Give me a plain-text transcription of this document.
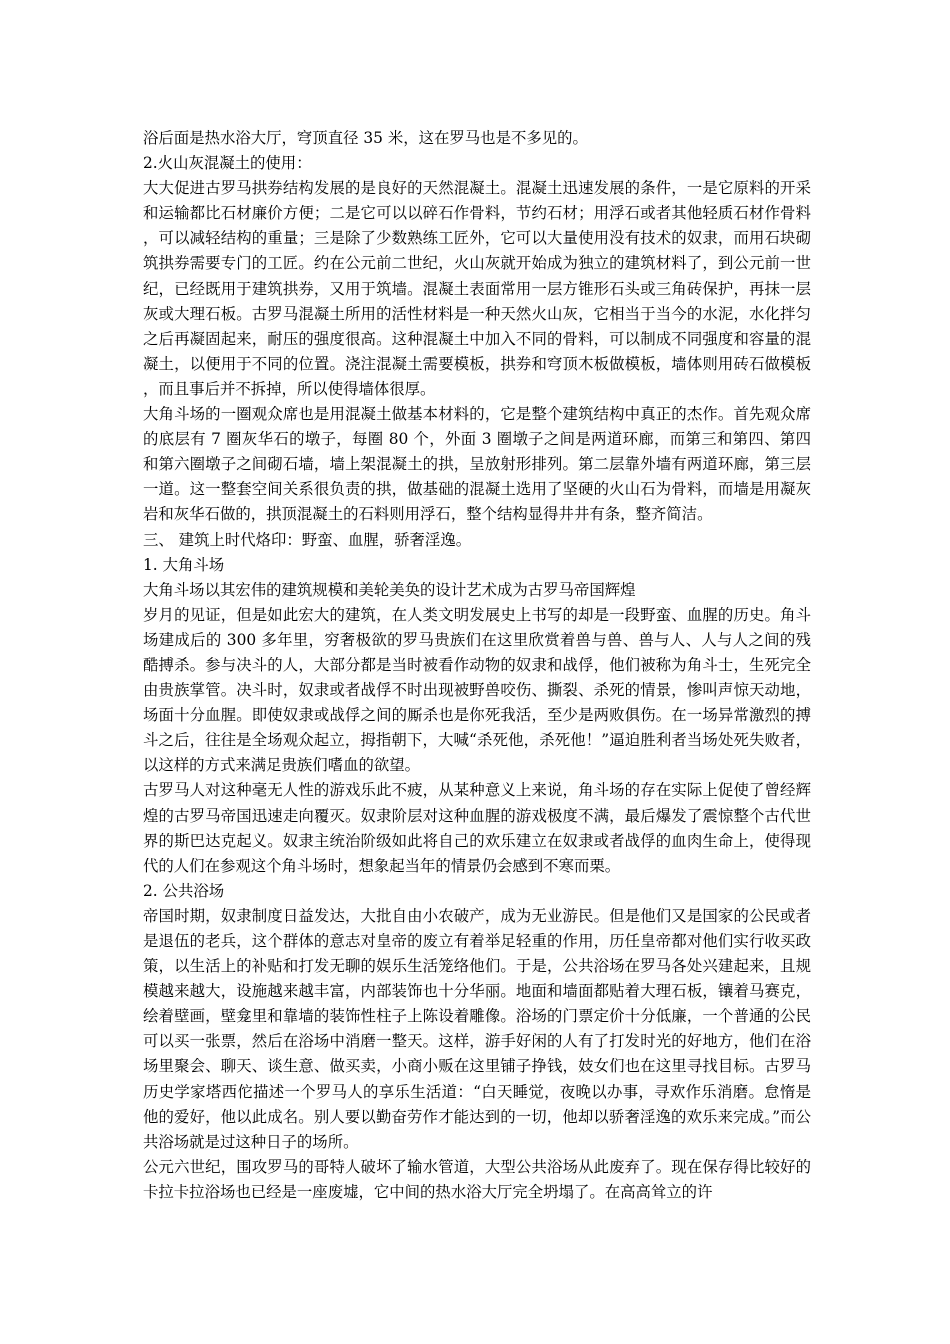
浴后面是热水浴大厅，穹顶直径 35 米，这在罗马也是不多见的。

2.火山灰混凝土的使用：

大大促进古罗马拱券结构发展的是良好的天然混凝土。混凝土迅速发展的条件，一是它原料的开采和运输都比石材廉价方便；二是它可以以碎石作骨料，节约石材；用浮石或者其他轻质石材作骨料，可以减轻结构的重量；三是除了少数熟练工匠外，它可以大量使用没有技术的奴隶，而用石块砌筑拱券需要专门的工匠。约在公元前二世纪，火山灰就开始成为独立的建筑材料了，到公元前一世纪，已经既用于建筑拱券，又用于筑墙。混凝土表面常用一层方锥形石头或三角砖保护，再抹一层灰或大理石板。古罗马混凝土所用的活性材料是一种天然火山灰，它相当于当今的水泥，水化拌匀之后再凝固起来，耐压的强度很高。这种混凝土中加入不同的骨料，可以制成不同强度和容量的混凝土，以便用于不同的位置。浇注混凝土需要模板，拱券和穹顶木板做模板，墙体则用砖石做模板，而且事后并不拆掉，所以使得墙体很厚。

大角斗场的一圈观众席也是用混凝土做基本材料的，它是整个建筑结构中真正的杰作。首先观众席的底层有 7 圈灰华石的墩子，每圈 80 个，外面 3 圈墩子之间是两道环廊，而第三和第四、第四和第六圈墩子之间砌石墙，墙上架混凝土的拱，呈放射形排列。第二层靠外墙有两道环廊，第三层一道。这一整套空间关系很负责的拱，做基础的混凝土选用了坚硬的火山石为骨料，而墙是用凝灰岩和灰华石做的，拱顶混凝土的石料则用浮石，整个结构显得井井有条，整齐简洁。

三、 建筑上时代烙印：野蛮、血腥，骄奢淫逸。

1. 大角斗场

大角斗场以其宏伟的建筑规模和美轮美奂的设计艺术成为古罗马帝国辉煌

岁月的见证，但是如此宏大的建筑，在人类文明发展史上书写的却是一段野蛮、血腥的历史。角斗场建成后的 300 多年里，穷奢极欲的罗马贵族们在这里欣赏着兽与兽、兽与人、人与人之间的残酷搏杀。参与决斗的人，大部分都是当时被看作动物的奴隶和战俘，他们被称为角斗士，生死完全由贵族掌管。决斗时，奴隶或者战俘不时出现被野兽咬伤、撕裂、杀死的情景，惨叫声惊天动地，场面十分血腥。即使奴隶或战俘之间的厮杀也是你死我活，至少是两败俱伤。在一场异常激烈的搏斗之后，往往是全场观众起立，拇指朝下，大喊“杀死他，杀死他！”逼迫胜利者当场处死失败者，以这样的方式来满足贵族们嗜血的欲望。

古罗马人对这种毫无人性的游戏乐此不疲，从某种意义上来说，角斗场的存在实际上促使了曾经辉煌的古罗马帝国迅速走向覆灭。奴隶阶层对这种血腥的游戏极度不满，最后爆发了震惊整个古代世界的斯巴达克起义。奴隶主统治阶级如此将自己的欢乐建立在奴隶或者战俘的血肉生命上，使得现代的人们在参观这个角斗场时，想象起当年的情景仍会感到不寒而栗。

2. 公共浴场

帝国时期，奴隶制度日益发达，大批自由小农破产，成为无业游民。但是他们又是国家的公民或者是退伍的老兵，这个群体的意志对皇帝的废立有着举足轻重的作用，历任皇帝都对他们实行收买政策，以生活上的补贴和打发无聊的娱乐生活笼络他们。于是，公共浴场在罗马各处兴建起来，且规模越来越大，设施越来越丰富，内部装饰也十分华丽。地面和墙面都贴着大理石板，镶着马赛克，绘着壁画，壁龛里和靠墙的装饰性柱子上陈设着雕像。浴场的门票定价十分低廉，一个普通的公民可以买一张票，然后在浴场中消磨一整天。这样，游手好闲的人有了打发时光的好地方，他们在浴场里聚会、聊天、谈生意、做买卖，小商小贩在这里铺子挣钱，妓女们也在这里寻找目标。古罗马历史学家塔西佗描述一个罗马人的享乐生活道：“白天睡觉，夜晚以办事，寻欢作乐消磨。怠惰是他的爱好，他以此成名。别人要以勤奋劳作才能达到的一切，他却以骄奢淫逸的欢乐来完成。”而公共浴场就是过这种日子的场所。

公元六世纪，围攻罗马的哥特人破坏了输水管道，大型公共浴场从此废弃了。现在保存得比较好的卡拉卡拉浴场也已经是一座废墟，它中间的热水浴大厅完全坍塌了。在高高耸立的许
